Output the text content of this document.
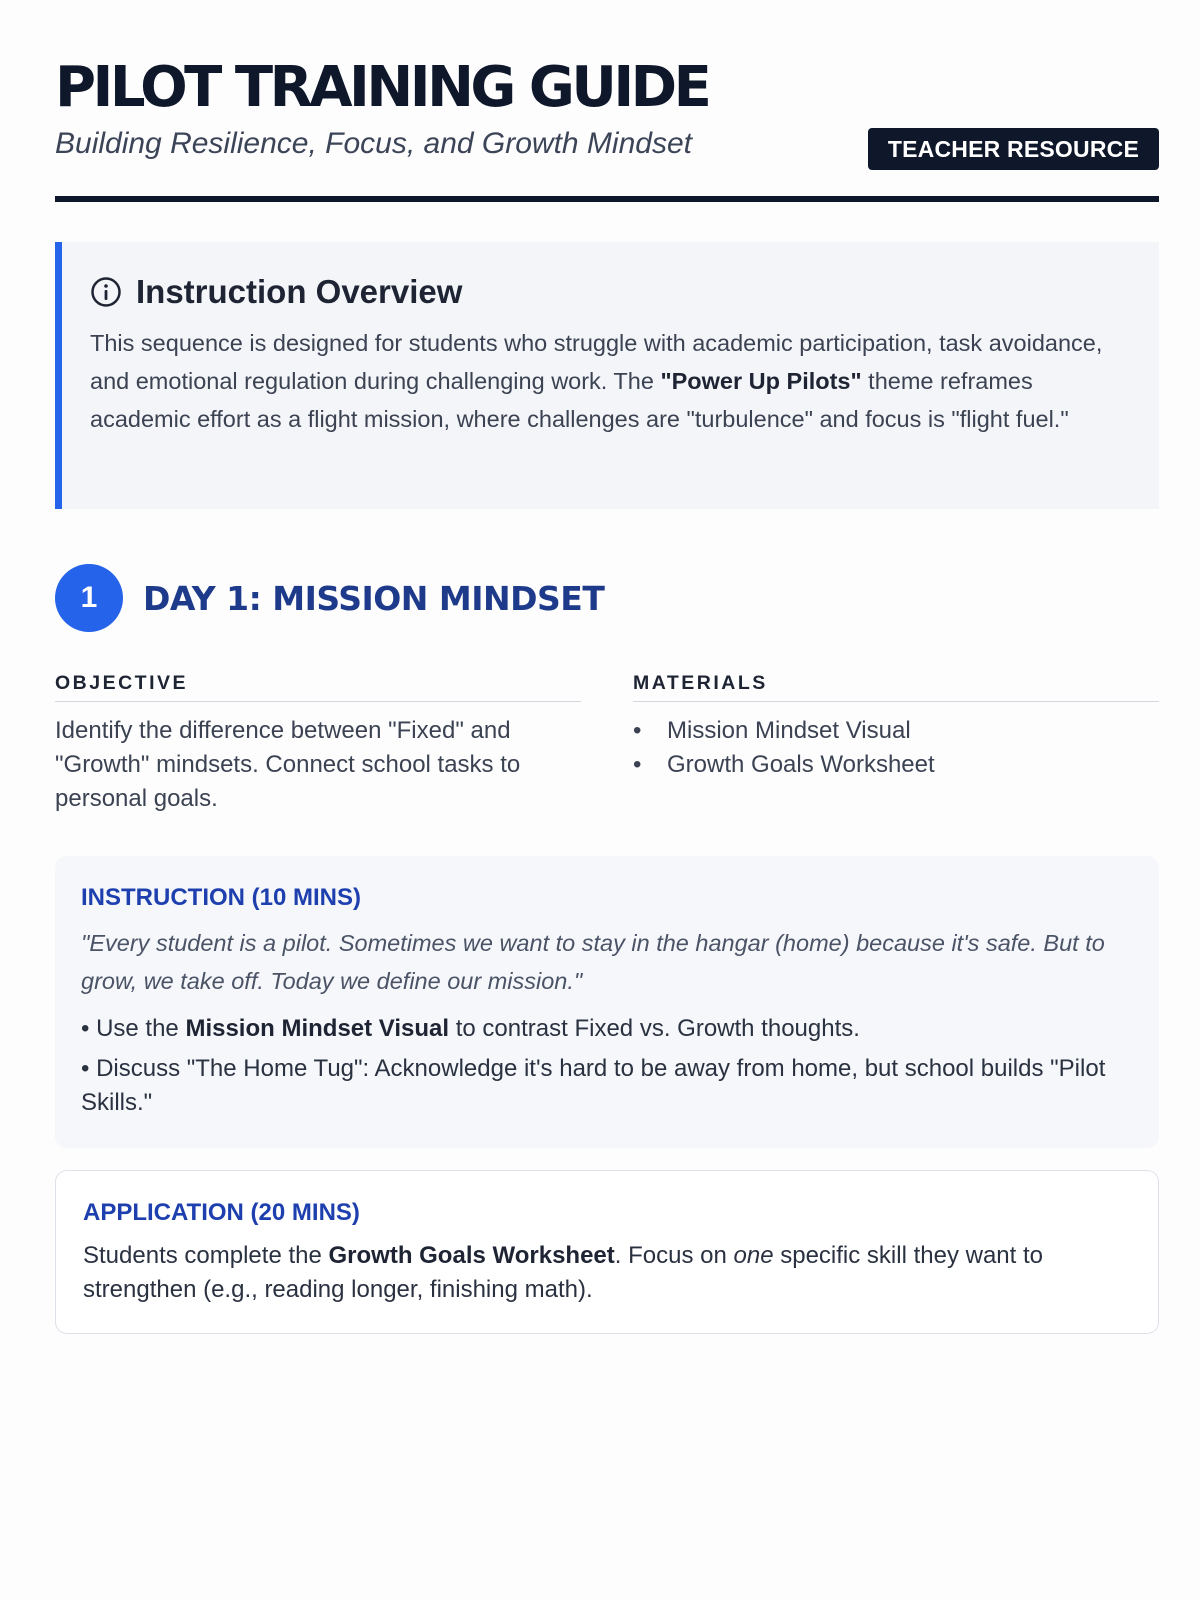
PILOT TRAINING GUIDE
Building Resilience, Focus, and Growth Mindset	TEACHER RESOURCE
Instruction Overview

This sequence is designed for students who struggle with academic participation, task avoidance, and emotional regulation during challenging work. The "Power Up Pilots" theme reframes academic effort as a flight mission, where challenges are "turbulence" and focus is "flight fuel."

1	DAY 1: MISSION MINDSET
OBJECTIVE

Identify the difference between "Fixed" and "Growth" mindsets. Connect school tasks to personal goals.

MATERIALS
• Mission Mindset Visual
• Growth Goals Worksheet
INSTRUCTION (10 MINS)

"Every student is a pilot. Sometimes we want to stay in the hangar (home) because it's safe. But to grow, we take off. Today we define our mission."

• Use the Mission Mindset Visual to contrast Fixed vs. Growth thoughts.

• Discuss "The Home Tug": Acknowledge it's hard to be away from home, but school builds "Pilot Skills."

APPLICATION (20 MINS)

Students complete the Growth Goals Worksheet. Focus on one specific skill they want to strengthen (e.g., reading longer, finishing math).
